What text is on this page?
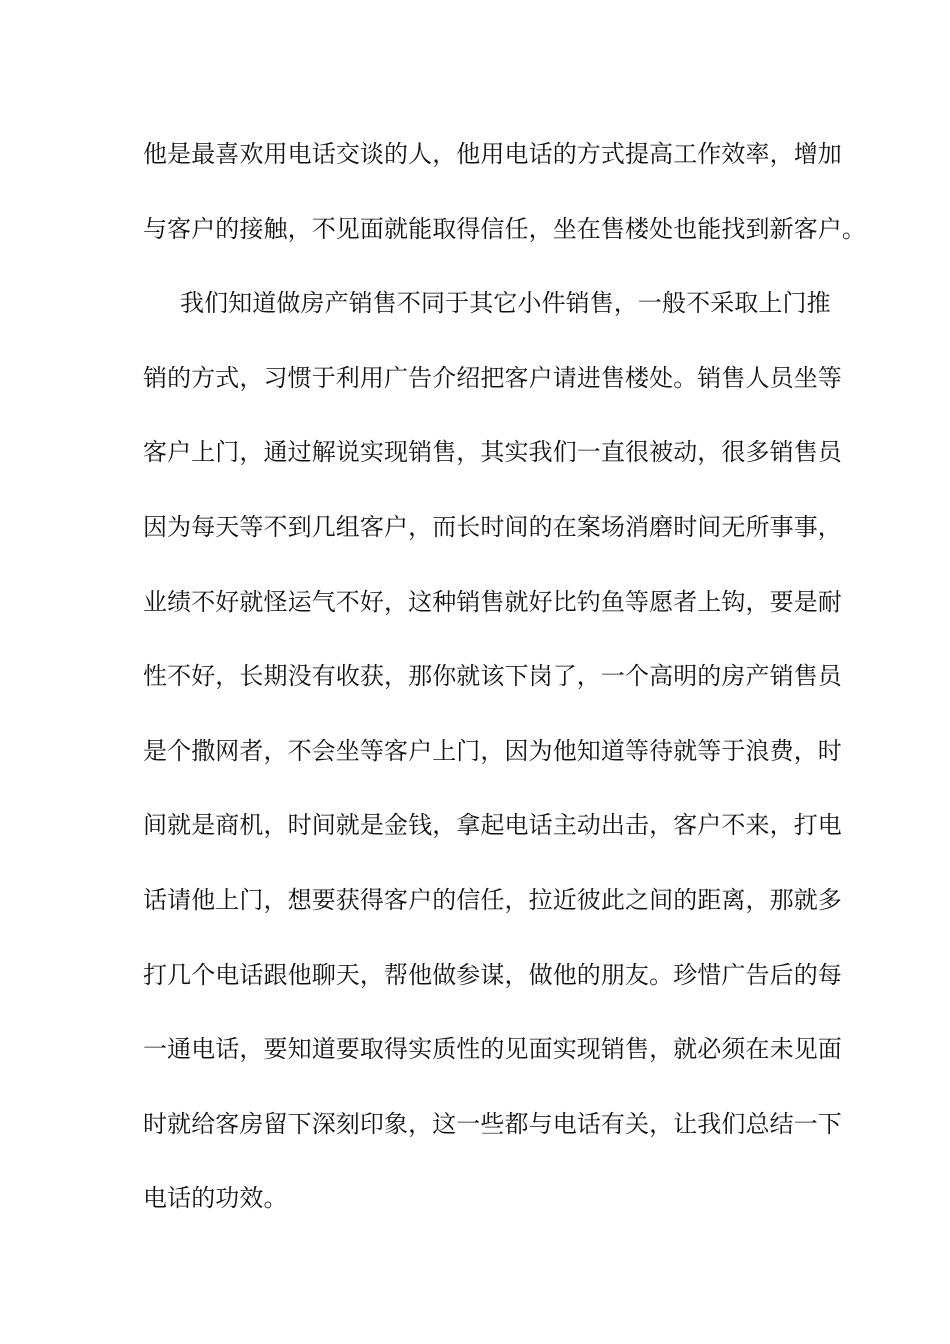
他是最喜欢用电话交谈的人，他用电话的方式提高工作效率，增加
与客户的接触，不见面就能取得信任，坐在售楼处也能找到新客户。
我们知道做房产销售不同于其它小件销售，一般不采取上门推
销的方式，习惯于利用广告介绍把客户请进售楼处。销售人员坐等
客户上门，通过解说实现销售，其实我们一直很被动，很多销售员
因为每天等不到几组客户，而长时间的在案场消磨时间无所事事，
业绩不好就怪运气不好，这种销售就好比钓鱼等愿者上钩，要是耐
性不好，长期没有收获，那你就该下岗了，一个高明的房产销售员
是个撒网者，不会坐等客户上门，因为他知道等待就等于浪费，时
间就是商机，时间就是金钱，拿起电话主动出击，客户不来，打电
话请他上门，想要获得客户的信任，拉近彼此之间的距离，那就多
打几个电话跟他聊天，帮他做参谋，做他的朋友。珍惜广告后的每
一通电话，要知道要取得实质性的见面实现销售，就必须在未见面
时就给客房留下深刻印象，这一些都与电话有关，让我们总结一下
电话的功效。
